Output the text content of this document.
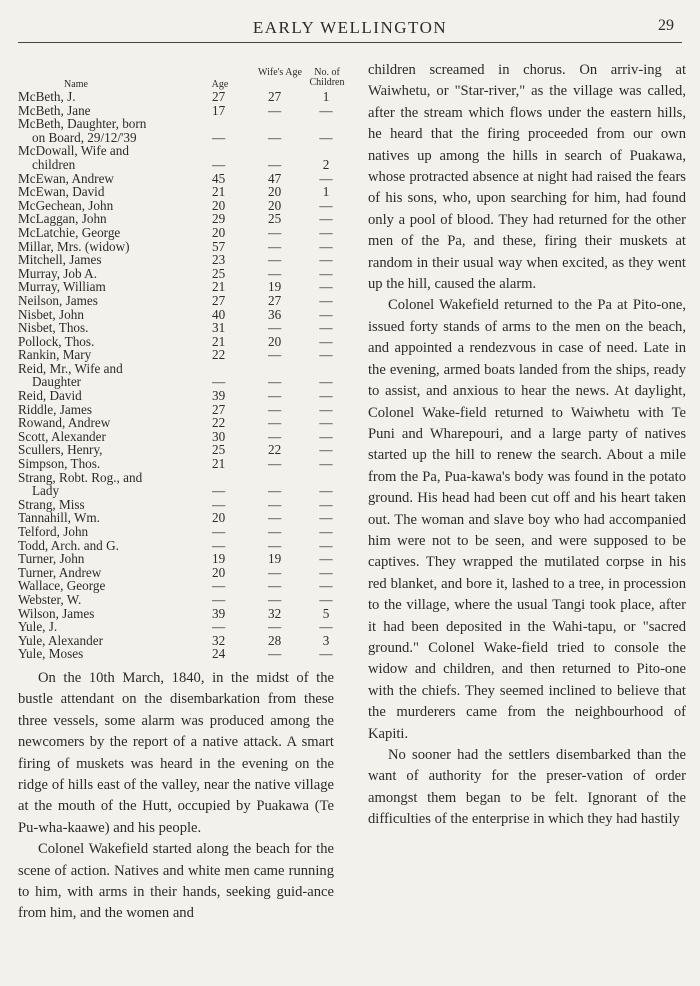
EARLY WELLINGTON	29
Name	Age
Wife's Age	No. of Children
McBeth, J.	27	27	1
McBeth, Jane	17	—	—
McBeth, Daughter, born
on Board, 29/12/'39	—	—	—
McDowall, Wife and
children	—	—	2
McEwan, Andrew	45	47	—
McEwan, David	21	20	1
McGechean, John	20	20	—
McLaggan, John	29	25	—
McLatchie, George	20	—	—
Millar, Mrs. (widow)	57	—	—
Mitchell, James	23	—	—
Murray, Job A.	25	—	—
Murray, William	21	19	—
Neilson, James	27	27	—
Nisbet, John	40	36	—
Nisbet, Thos.	31	—	—
Pollock, Thos.	21	20	—
Rankin, Mary	22	—	—
Reid, Mr., Wife and
Daughter	—	—	—
Reid, David	39	—	—
Riddle, James	27	—	—
Rowand, Andrew	22	—	—
Scott, Alexander	30	—	—
Scullers, Henry,	25	22	—
Simpson, Thos.	21	—	—
Strang, Robt. Rog., and
Lady	—	—	—
Strang, Miss	—	—	—
Tannahill, Wm.	20	—	—
Telford, John	—	—	—
Todd, Arch. and G.	—	—	—
Turner, John	19	19	—
Turner, Andrew	20	—	—
Wallace, George	—	—	—
Webster, W.	—	—	—
Wilson, James	39	32	5
Yule, J.	—	—	—
Yule, Alexander	32	28	3
Yule, Moses	24	—	—

On the 10th March, 1840, in the midst of the bustle attendant on the disembarkation from these three vessels, some alarm was produced among the newcomers by the report of a native attack. A smart firing of muskets was heard in the evening on the ridge of hills east of the valley, near the native village at the mouth of the Hutt, occupied by Puakawa (Te Pu-wha-kaawe) and his people.

Colonel Wakefield started along the beach for the scene of action. Natives and white men came running to him, with arms in their hands, seeking guid-ance from him, and the women and

children screamed in chorus. On arriv-ing at Waiwhetu, or "Star-river," as the village was called, after the stream which flows under the eastern hills, he heard that the firing proceeded from our own natives up among the hills in search of Puakawa, whose protracted absence at night had raised the fears of his sons, who, upon searching for him, had found only a pool of blood. They had returned for the other men of the Pa, and these, firing their muskets at random in their usual way when excited, as they went up the hill, caused the alarm.

Colonel Wakefield returned to the Pa at Pito-one, issued forty stands of arms to the men on the beach, and appointed a rendezvous in case of need. Late in the evening, armed boats landed from the ships, ready to assist, and anxious to hear the news. At daylight, Colonel Wake-field returned to Waiwhetu with Te Puni and Wharepouri, and a large party of natives started up the hill to renew the search. About a mile from the Pa, Pua-kawa's body was found in the potato ground. His head had been cut off and his heart taken out. The woman and slave boy who had accompanied him were not to be seen, and were supposed to be captives. They wrapped the mutilated corpse in his red blanket, and bore it, lashed to a tree, in procession to the village, where the usual Tangi took place, after it had been deposited in the Wahi-tapu, or "sacred ground." Colonel Wake-field tried to console the widow and children, and then returned to Pito-one with the chiefs. They seemed inclined to believe that the murderers came from the neighbourhood of Kapiti.

No sooner had the settlers disembarked than the want of authority for the preser-vation of order amongst them began to be felt. Ignorant of the difficulties of the enterprise in which they had hastily
